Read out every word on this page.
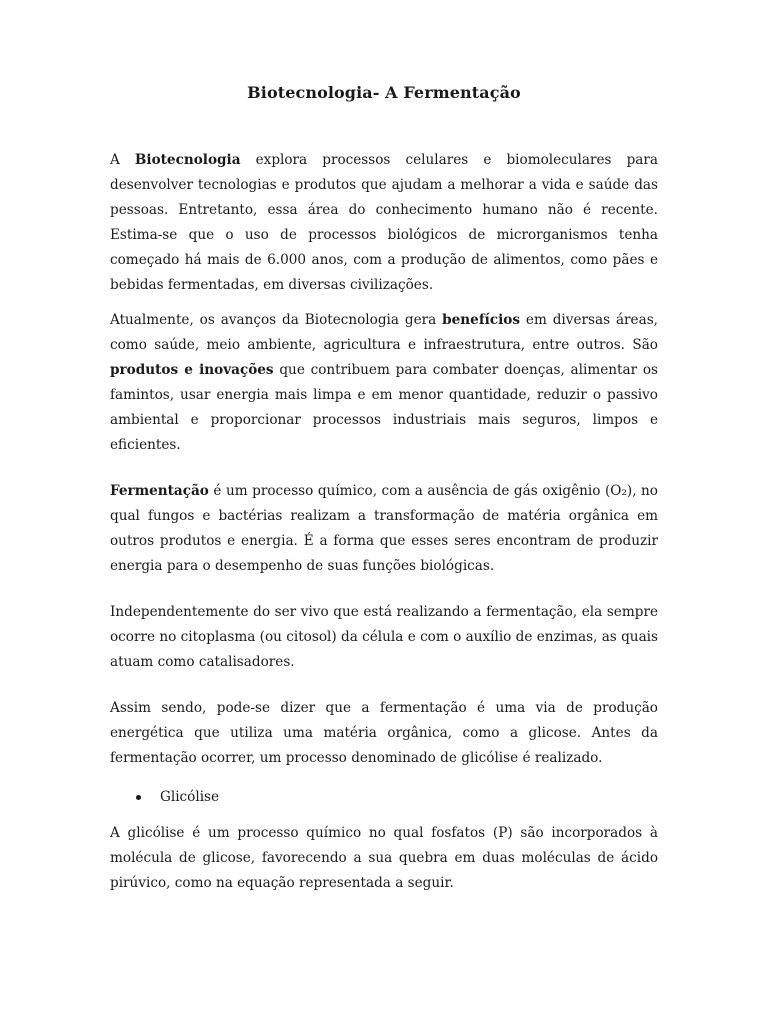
Biotecnologia- A Fermentação

A Biotecnologia explora processos celulares e biomoleculares para desenvolver tecnologias e produtos que ajudam a melhorar a vida e saúde das pessoas. Entretanto, essa área do conhecimento humano não é recente. Estima-se que o uso de processos biológicos de microrganismos tenha começado há mais de 6.000 anos, com a produção de alimentos, como pães e bebidas fermentadas, em diversas civilizações.

Atualmente, os avanços da Biotecnologia gera benefícios em diversas áreas, como saúde, meio ambiente, agricultura e infraestrutura, entre outros. São produtos e inovações que contribuem para combater doenças, alimentar os famintos, usar energia mais limpa e em menor quantidade, reduzir o passivo ambiental e proporcionar processos industriais mais seguros, limpos e eficientes.

Fermentação é um processo químico, com a ausência de gás oxigênio (O₂), no qual fungos e bactérias realizam a transformação de matéria orgânica em outros produtos e energia. É a forma que esses seres encontram de produzir energia para o desempenho de suas funções biológicas.

Independentemente do ser vivo que está realizando a fermentação, ela sempre ocorre no citoplasma (ou citosol) da célula e com o auxílio de enzimas, as quais atuam como catalisadores.

Assim sendo, pode-se dizer que a fermentação é uma via de produção energética que utiliza uma matéria orgânica, como a glicose. Antes da fermentação ocorrer, um processo denominado de glicólise é realizado.

Glicólise

A glicólise é um processo químico no qual fosfatos (P) são incorporados à molécula de glicose, favorecendo a sua quebra em duas moléculas de ácido pirúvico, como na equação representada a seguir.
